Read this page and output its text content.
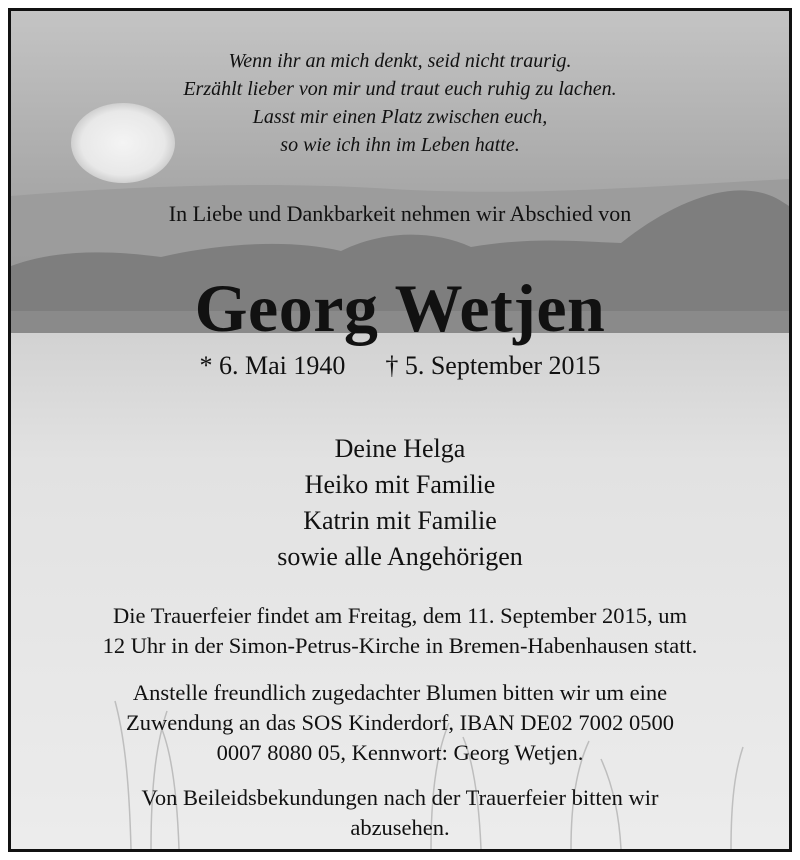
Wenn ihr an mich denkt, seid nicht traurig.
Erzählt lieber von mir und traut euch ruhig zu lachen.
Lasst mir einen Platz zwischen euch,
so wie ich ihn im Leben hatte.
In Liebe und Dankbarkeit nehmen wir Abschied von
Georg Wetjen
* 6. Mai 1940 † 5. September 2015
Deine Helga
Heiko mit Familie
Katrin mit Familie
sowie alle Angehörigen
Die Trauerfeier findet am Freitag, dem 11. September 2015, um
12 Uhr in der Simon-Petrus-Kirche in Bremen-Habenhausen statt.
Anstelle freundlich zugedachter Blumen bitten wir um eine
Zuwendung an das SOS Kinderdorf, IBAN DE02 7002 0500
0007 8080 05, Kennwort: Georg Wetjen.
Von Beileidsbekundungen nach der Trauerfeier bitten wir
abzusehen.
